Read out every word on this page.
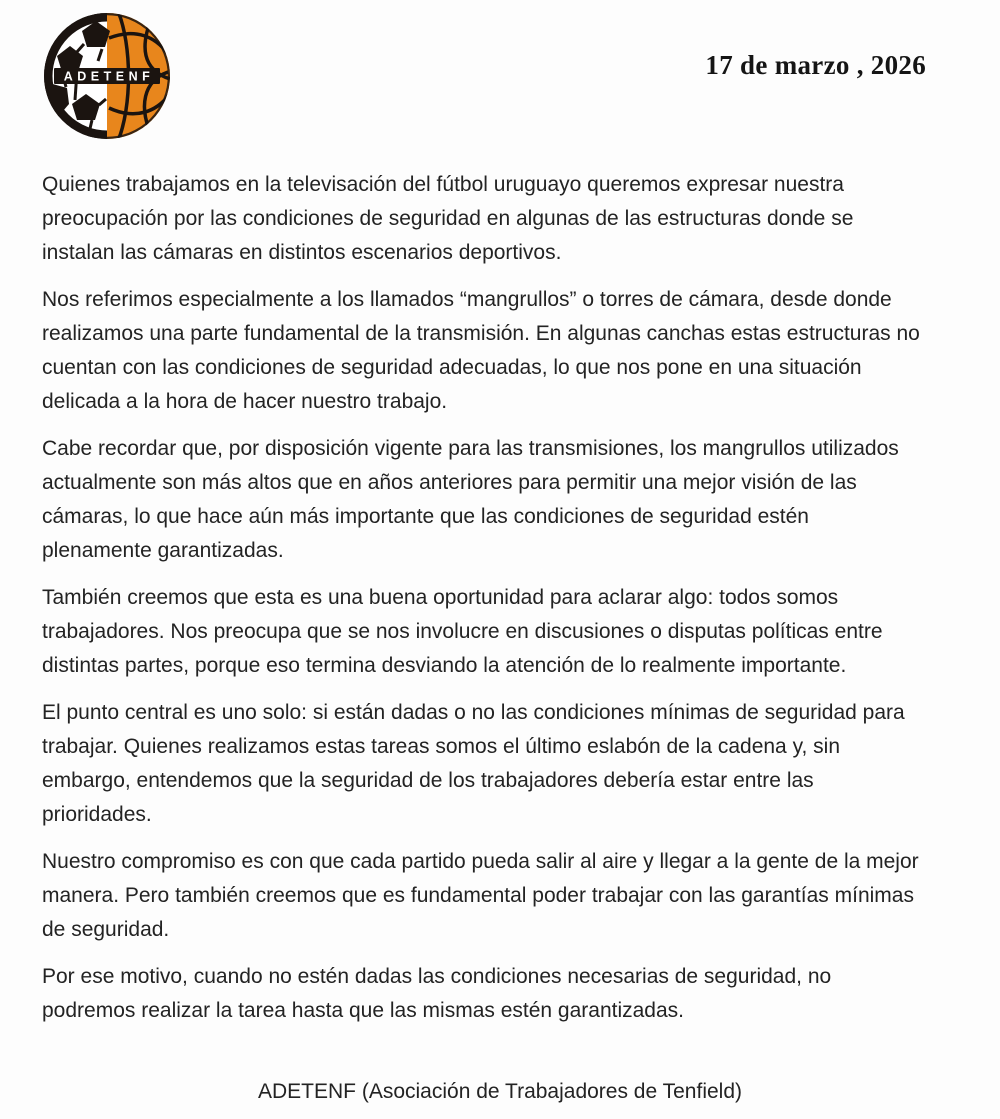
ADETENF	17 de marzo , 2026

Quienes trabajamos en la televisación del fútbol uruguayo queremos expresar nuestra preocupación por las condiciones de seguridad en algunas de las estructuras donde se instalan las cámaras en distintos escenarios deportivos.

Nos referimos especialmente a los llamados “mangrullos” o torres de cámara, desde donde realizamos una parte fundamental de la transmisión. En algunas canchas estas estructuras no cuentan con las condiciones de seguridad adecuadas, lo que nos pone en una situación delicada a la hora de hacer nuestro trabajo.

Cabe recordar que, por disposición vigente para las transmisiones, los mangrullos utilizados actualmente son más altos que en años anteriores para permitir una mejor visión de las cámaras, lo que hace aún más importante que las condiciones de seguridad estén plenamente garantizadas.

También creemos que esta es una buena oportunidad para aclarar algo: todos somos trabajadores. Nos preocupa que se nos involucre en discusiones o disputas políticas entre distintas partes, porque eso termina desviando la atención de lo realmente importante.

El punto central es uno solo: si están dadas o no las condiciones mínimas de seguridad para trabajar. Quienes realizamos estas tareas somos el último eslabón de la cadena y, sin embargo, entendemos que la seguridad de los trabajadores debería estar entre las prioridades.

Nuestro compromiso es con que cada partido pueda salir al aire y llegar a la gente de la mejor manera. Pero también creemos que es fundamental poder trabajar con las garantías mínimas de seguridad.

Por ese motivo, cuando no estén dadas las condiciones necesarias de seguridad, no podremos realizar la tarea hasta que las mismas estén garantizadas.

ADETENF (Asociación de Trabajadores de Tenfield)
